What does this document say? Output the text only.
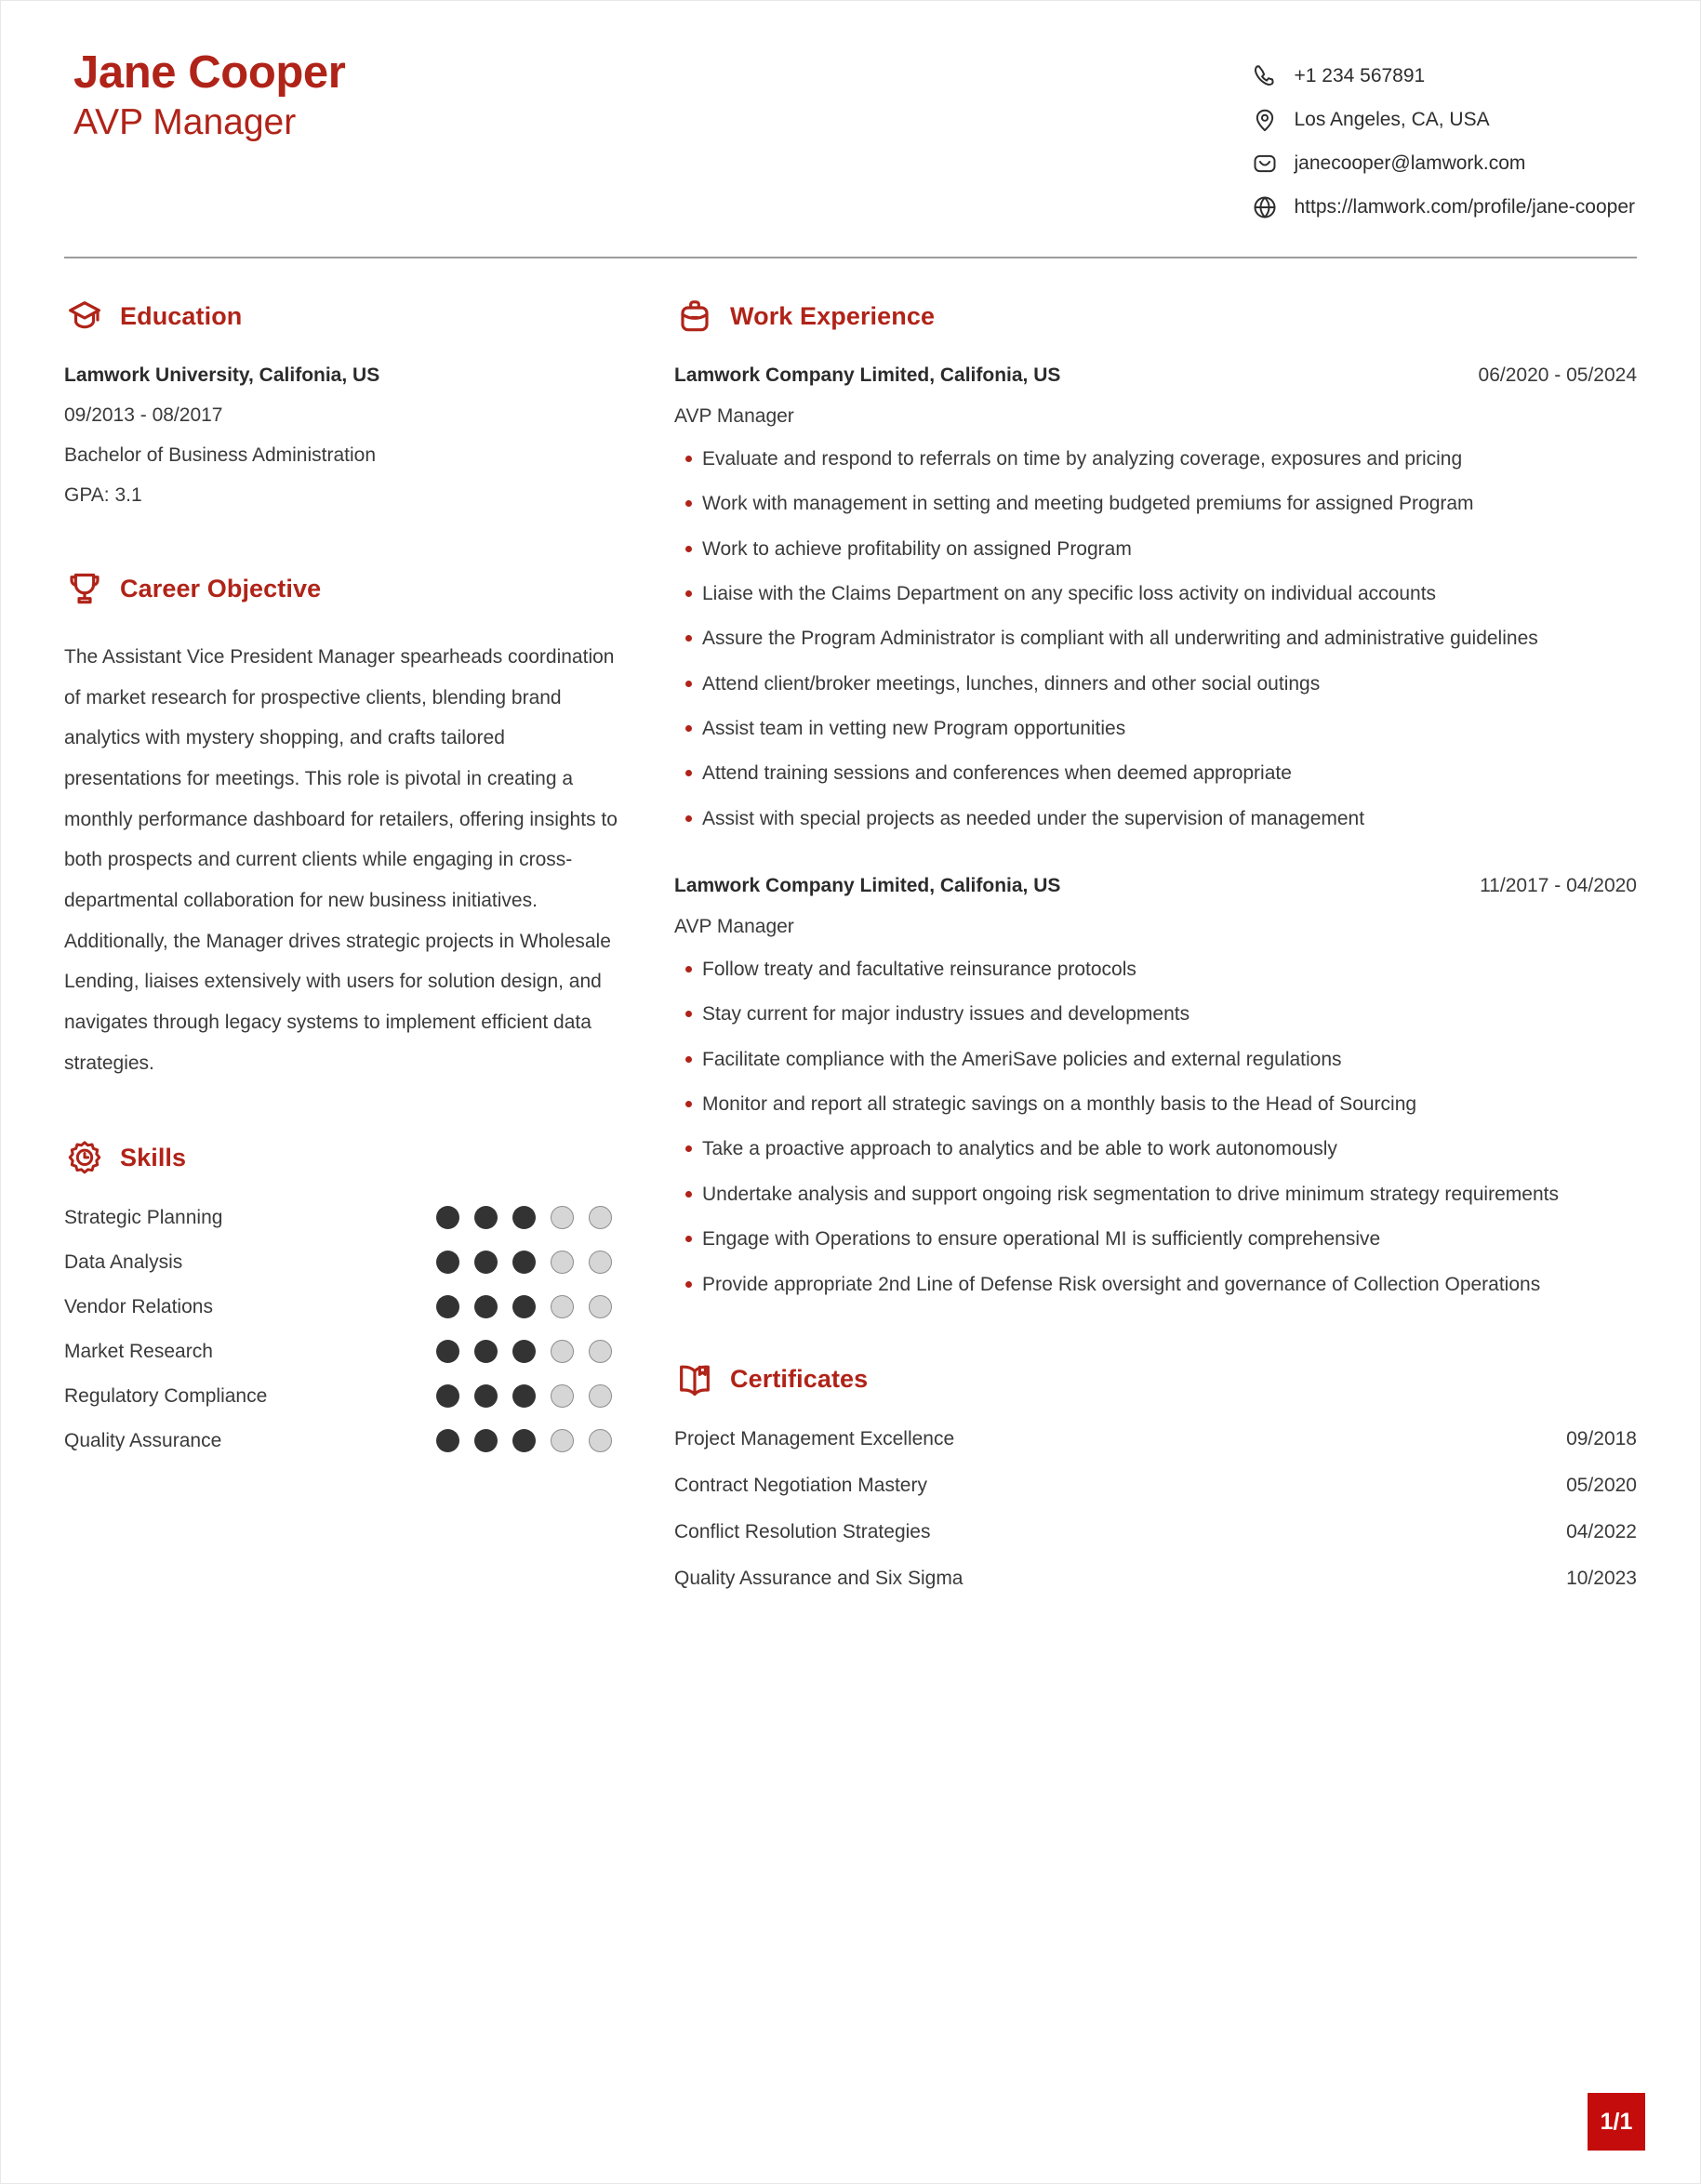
Jane Cooper
AVP Manager
+1 234 567891
Los Angeles, CA, USA
janecooper@lamwork.com
https://lamwork.com/profile/jane-cooper
Education
Lamwork University, Califonia, US
09/2013 - 08/2017
Bachelor of Business Administration
GPA: 3.1
Career Objective

The Assistant Vice President Manager spearheads coordination of market research for prospective clients, blending brand analytics with mystery shopping, and crafts tailored presentations for meetings. This role is pivotal in creating a monthly performance dashboard for retailers, offering insights to both prospects and current clients while engaging in cross-departmental collaboration for new business initiatives. Additionally, the Manager drives strategic projects in Wholesale Lending, liaises extensively with users for solution design, and navigates through legacy systems to implement efficient data strategies.

Skills
Strategic Planning
Data Analysis
Vendor Relations
Market Research
Regulatory Compliance
Quality Assurance
Work Experience
Lamwork Company Limited, Califonia, US	06/2020 - 05/2024
AVP Manager
Evaluate and respond to referrals on time by analyzing coverage, exposures and pricing
Work with management in setting and meeting budgeted premiums for assigned Program
Work to achieve profitability on assigned Program
Liaise with the Claims Department on any specific loss activity on individual accounts
Assure the Program Administrator is compliant with all underwriting and administrative guidelines
Attend client/broker meetings, lunches, dinners and other social outings
Assist team in vetting new Program opportunities
Attend training sessions and conferences when deemed appropriate
Assist with special projects as needed under the supervision of management
Lamwork Company Limited, Califonia, US	11/2017 - 04/2020
AVP Manager
Follow treaty and facultative reinsurance protocols
Stay current for major industry issues and developments
Facilitate compliance with the AmeriSave policies and external regulations
Monitor and report all strategic savings on a monthly basis to the Head of Sourcing
Take a proactive approach to analytics and be able to work autonomously
Undertake analysis and support ongoing risk segmentation to drive minimum strategy requirements
Engage with Operations to ensure operational MI is sufficiently comprehensive
Provide appropriate 2nd Line of Defense Risk oversight and governance of Collection Operations
Certificates
Project Management Excellence	09/2018
Contract Negotiation Mastery	05/2020
Conflict Resolution Strategies	04/2022
Quality Assurance and Six Sigma	10/2023
1/1
